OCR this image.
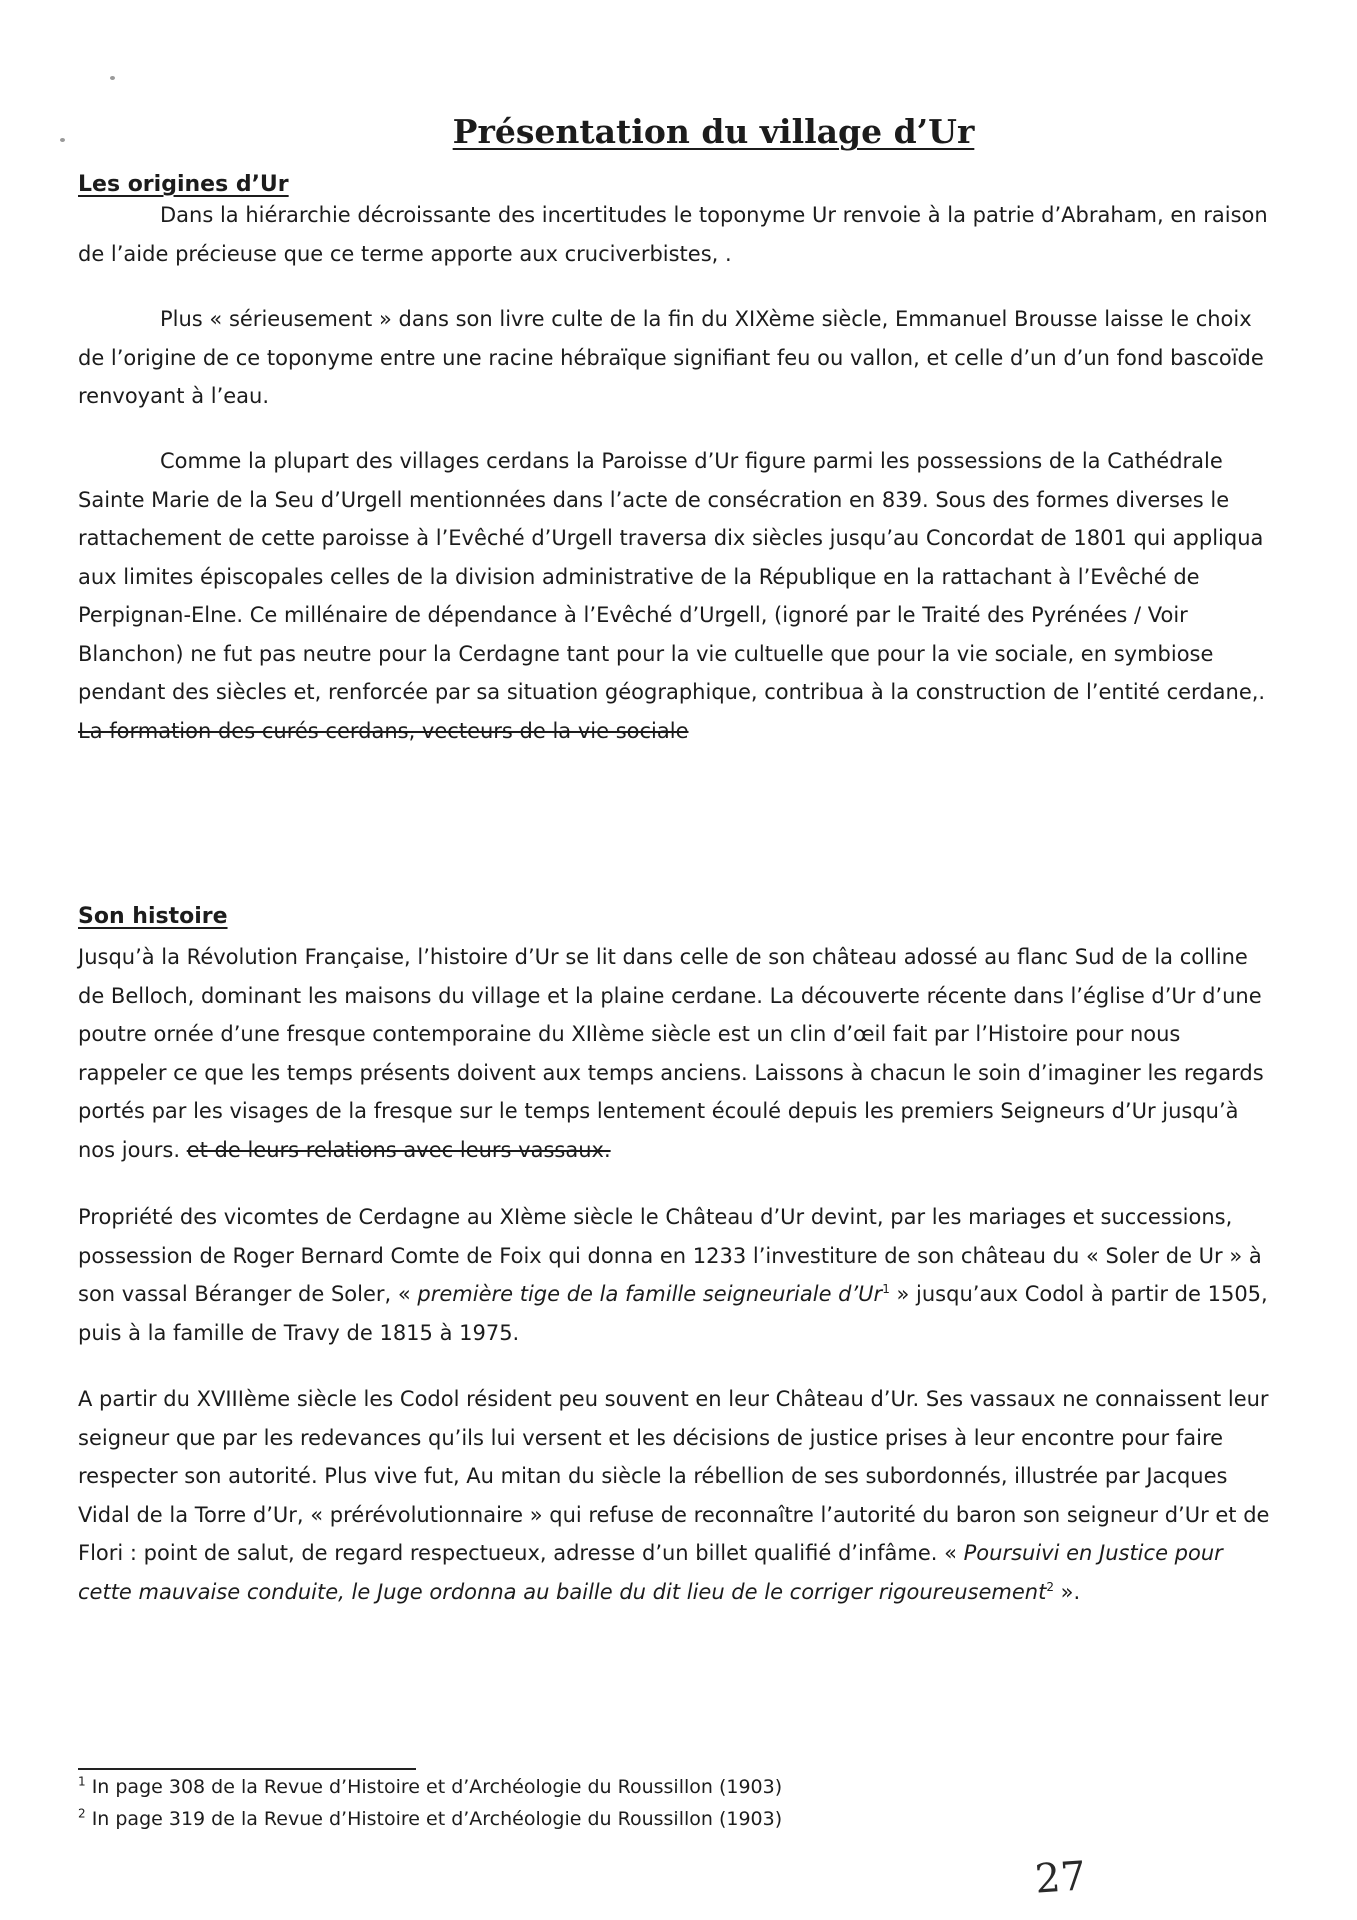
Présentation du village d’Ur
Les origines d’Ur

Dans la hiérarchie décroissante des incertitudes le toponyme Ur renvoie à la patrie d’Abraham, en raison de l’aide précieuse que ce terme apporte aux cruciverbistes, .

Plus « sérieusement » dans son livre culte de la fin du XIXème siècle, Emmanuel Brousse laisse le choix de l’origine de ce toponyme entre une racine hébraïque signifiant feu ou vallon, et celle d’un d’un fond bascoïde renvoyant à l’eau.

Comme la plupart des villages cerdans la Paroisse d’Ur figure parmi les possessions de la Cathédrale Sainte Marie de la Seu d’Urgell mentionnées dans l’acte de consécration en 839. Sous des formes diverses le rattachement de cette paroisse à l’Evêché d’Urgell traversa dix siècles jusqu’au Concordat de 1801 qui appliqua aux limites épiscopales celles de la division administrative de la République en la rattachant à l’Evêché de Perpignan-Elne. Ce millénaire de dépendance à l’Evêché d’Urgell, (ignoré par le Traité des Pyrénées / Voir Blanchon) ne fut pas neutre pour la Cerdagne tant pour la vie cultuelle que pour la vie sociale, en symbiose pendant des siècles et, renforcée par sa situation géographique, contribua à la construction de l’entité cerdane,. La formation des curés cerdans, vecteurs de la vie sociale

Son histoire

Jusqu’à la Révolution Française, l’histoire d’Ur se lit dans celle de son château adossé au flanc Sud de la colline de Belloch, dominant les maisons du village et la plaine cerdane. La découverte récente dans l’église d’Ur d’une poutre ornée d’une fresque contemporaine du XIIème siècle est un clin d’œil fait par l’Histoire pour nous rappeler ce que les temps présents doivent aux temps anciens. Laissons à chacun le soin d’imaginer les regards portés par les visages de la fresque sur le temps lentement écoulé depuis les premiers Seigneurs d’Ur jusqu’à nos jours. et de leurs relations avec leurs vassaux.

Propriété des vicomtes de Cerdagne au XIème siècle le Château d’Ur devint, par les mariages et successions, possession de Roger Bernard Comte de Foix qui donna en 1233 l’investiture de son château du « Soler de Ur » à son vassal Béranger de Soler, « première tige de la famille seigneuriale d’Ur$^1$ » jusqu’aux Codol à partir de 1505, puis à la famille de Travy de 1815 à 1975.

A partir du XVIIIème siècle les Codol résident peu souvent en leur Château d’Ur. Ses vassaux ne connaissent leur seigneur que par les redevances qu’ils lui versent et les décisions de justice prises à leur encontre pour faire respecter son autorité. Plus vive fut, Au mitan du siècle la rébellion de ses subordonnés, illustrée par Jacques Vidal de la Torre d’Ur, « prérévolutionnaire » qui refuse de reconnaître l’autorité du baron son seigneur d’Ur et de Flori : point de salut, de regard respectueux, adresse d’un billet qualifié d’infâme. « Poursuivi en Justice pour cette mauvaise conduite, le Juge ordonna au baille du dit lieu de le corriger rigoureusement$^2$ ».

$^1$ In page 308 de la Revue d’Histoire et d’Archéologie du Roussillon (1903)

$^2$ In page 319 de la Revue d’Histoire et d’Archéologie du Roussillon (1903)

27
